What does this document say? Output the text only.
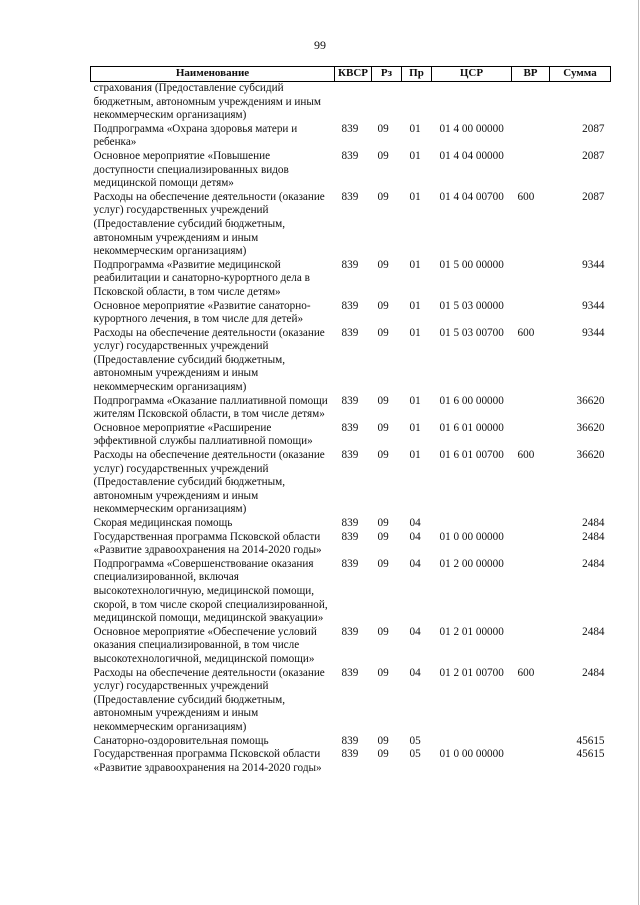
99
Наименование	КВСР	Рз	Пр	ЦСР	ВР	Сумма
страхования (Предоставление субсидий бюджетным, автономным учреждениям и иным некоммерческим организациям)						
Подпрограмма «Охрана здоровья матери и ребенка»	839	09	01	01 4 00 00000		2087
Основное мероприятие «Повышение доступности специализированных видов медицинской помощи детям»	839	09	01	01 4 04 00000		2087
Расходы на обеспечение деятельности (оказание услуг) государственных учреждений (Предоставление субсидий бюджетным, автономным учреждениям и иным некоммерческим организациям)	839	09	01	01 4 04 00700	600	2087
Подпрограмма «Развитие медицинской реабилитации и санаторно-курортного дела в Псковской области, в том числе детям»	839	09	01	01 5 00 00000		9344
Основное мероприятие «Развитие санаторно-курортного лечения, в том числе для детей»	839	09	01	01 5 03 00000		9344
Расходы на обеспечение деятельности (оказание услуг) государственных учреждений (Предоставление субсидий бюджетным, автономным учреждениям и иным некоммерческим организациям)	839	09	01	01 5 03 00700	600	9344
Подпрограмма «Оказание паллиативной помощи жителям Псковской области, в том числе детям»	839	09	01	01 6 00 00000		36620
Основное мероприятие «Расширение эффективной службы паллиативной помощи»	839	09	01	01 6 01 00000		36620
Расходы на обеспечение деятельности (оказание услуг) государственных учреждений (Предоставление субсидий бюджетным, автономным учреждениям и иным некоммерческим организациям)	839	09	01	01 6 01 00700	600	36620
Скорая медицинская помощь	839	09	04			2484
Государственная программа Псковской области «Развитие здравоохранения на 2014-2020 годы»	839	09	04	01 0 00 00000		2484
Подпрограмма «Совершенствование оказания специализированной, включая высокотехнологичную, медицинской помощи, скорой, в том числе скорой специализированной, медицинской помощи, медицинской эвакуации»	839	09	04	01 2 00 00000		2484
Основное мероприятие «Обеспечение условий оказания специализированной, в том числе высокотехнологичной, медицинской помощи»	839	09	04	01 2 01 00000		2484
Расходы на обеспечение деятельности (оказание услуг) государственных учреждений (Предоставление субсидий бюджетным, автономным учреждениям и иным некоммерческим организациям)	839	09	04	01 2 01 00700	600	2484
Санаторно-оздоровительная помощь	839	09	05			45615
Государственная программа Псковской области «Развитие здравоохранения на 2014-2020 годы»	839	09	05	01 0 00 00000		45615
